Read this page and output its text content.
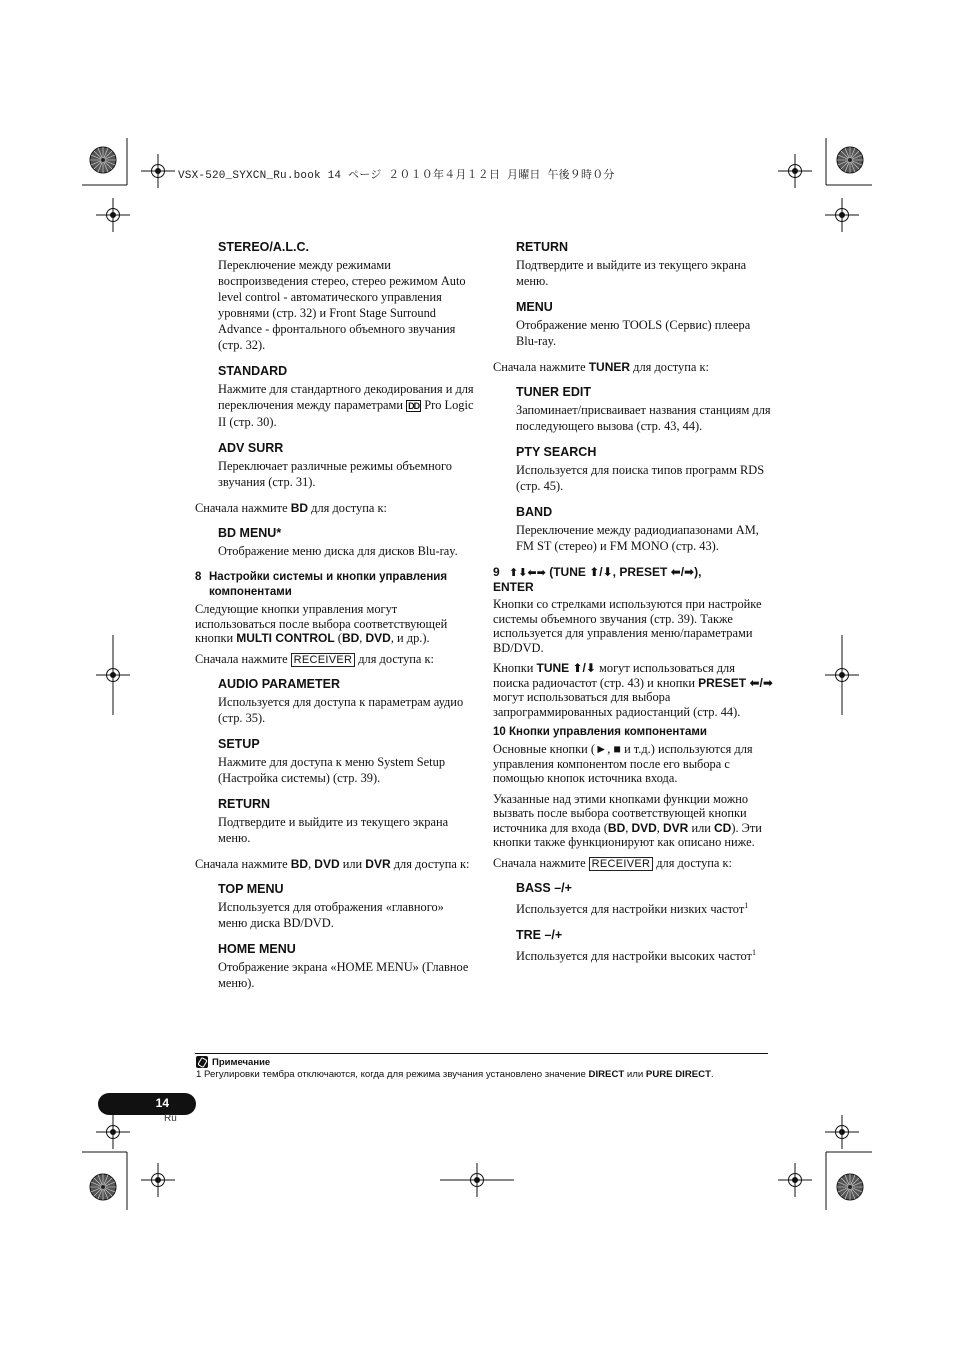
VSX-520_SYXCN_Ru.book 14 ページ ２０１０年４月１２日 月曜日 午後９時０分
STEREO/A.L.C.

Переключение между режимами воспроизведения стерео, стерео режимом Auto level control - автоматического управления уровнями (стр. 32) и Front Stage Surround Advance - фронтального объемного звучания (стр. 32).

STANDARD

Нажмите для стандартного декодирования и для переключения между параметрами DD Pro Logic II (стр. 30).

ADV SURR

Переключает различные режимы объемного звучания (стр. 31).

Сначала нажмите BD для доступа к:

BD MENU*

Отображение меню диска для дисков Blu-ray.

8 Настройки системы и кнопки управления компонентами

Следующие кнопки управления могут использоваться после выбора соответствующей кнопки MULTI CONTROL (BD, DVD, и др.).

Сначала нажмите RECEIVER для доступа к:

AUDIO PARAMETER

Используется для доступа к параметрам аудио (стр. 35).

SETUP

Нажмите для доступа к меню System Setup (Настройка системы) (стр. 39).

RETURN

Подтвердите и выйдите из текущего экрана меню.

Сначала нажмите BD, DVD или DVR для доступа к:

TOP MENU

Используется для отображения «главного» меню диска BD/DVD.

HOME MENU

Отображение экрана «HOME MENU» (Главное меню).

RETURN

Подтвердите и выйдите из текущего экрана меню.

MENU

Отображение меню TOOLS (Сервис) плеера Blu-ray.

Сначала нажмите TUNER для доступа к:

TUNER EDIT

Запоминает/присваивает названия станциям для последующего вызова (стр. 43, 44).

PTY SEARCH

Используется для поиска типов программ RDS (стр. 45).

BAND

Переключение между радиодиапазонами AM, FM ST (стерео) и FM MONO (стр. 43).

9 ⬆⬇⬅➡ (TUNE ⬆/⬇, PRESET ⬅/➡),
ENTER

Кнопки со стрелками используются при настройке системы объемного звучания (стр. 39). Также используется для управления меню/параметрами BD/DVD.

Кнопки TUNE ⬆/⬇ могут использоваться для поиска радиочастот (стр. 43) и кнопки PRESET ⬅/➡ могут использоваться для выбора запрограммированных радиостанций (стр. 44).

10 Кнопки управления компонентами

Основные кнопки (►, ■ и т.д.) используются для управления компонентом после его выбора с помощью кнопок источника входа.

Указанные над этими кнопками функции можно вызвать после выбора соответствующей кнопки источника для входа (BD, DVD, DVR или CD). Эти кнопки также функционируют как описано ниже.

Сначала нажмите RECEIVER для доступа к:

BASS –/+

Используется для настройки низких частот$^1$

TRE –/+

Используется для настройки высоких частот$^1$

Примечание
1 Регулировки тембра отключаются, когда для режима звучания установлено значение DIRECT или PURE DIRECT.
14
Ru
